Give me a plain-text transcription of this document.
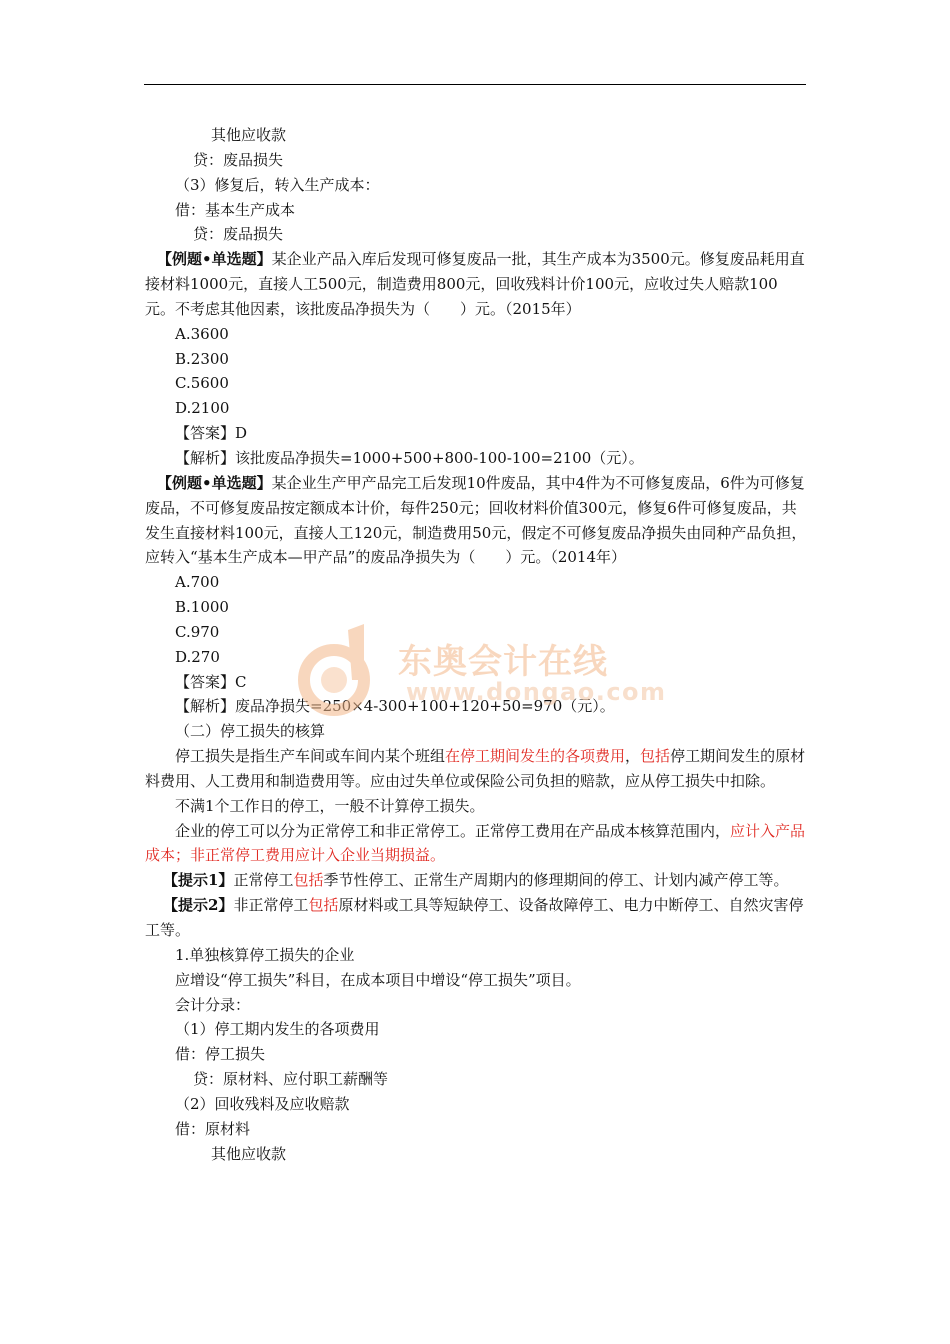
其他应收款
贷：废品损失
（3）修复后，转入生产成本：
借：基本生产成本
贷：废品损失
【例题•单选题】某企业产品入库后发现可修复废品一批，其生产成本为3500元。修复废品耗用直接材料1000元，直接人工500元，制造费用800元，回收残料计价100元，应收过失人赔款100元。不考虑其他因素，该批废品净损失为（　　）元。（2015年）
A.3600
B.2300
C.5600
D.2100
【答案】D
【解析】该批废品净损失=1000+500+800-100-100=2100（元）。
【例题•单选题】某企业生产甲产品完工后发现10件废品，其中4件为不可修复废品，6件为可修复废品，不可修复废品按定额成本计价，每件250元；回收材料价值300元，修复6件可修复废品，共发生直接材料100元，直接人工120元，制造费用50元，假定不可修复废品净损失由同种产品负担，应转入“基本生产成本—甲产品”的废品净损失为（　　）元。（2014年）
A.700
B.1000
C.970
D.270
【答案】C
【解析】废品净损失=250×4-300+100+120+50=970（元）。
（二）停工损失的核算
停工损失是指生产车间或车间内某个班组在停工期间发生的各项费用，包括停工期间发生的原材料费用、人工费用和制造费用等。应由过失单位或保险公司负担的赔款，应从停工损失中扣除。
不满1个工作日的停工，一般不计算停工损失。
企业的停工可以分为正常停工和非正常停工。正常停工费用在产品成本核算范围内，应计入产品成本；非正常停工费用应计入企业当期损益。
【提示1】正常停工包括季节性停工、正常生产周期内的修理期间的停工、计划内减产停工等。
【提示2】非正常停工包括原材料或工具等短缺停工、设备故障停工、电力中断停工、自然灾害停工等。
1.单独核算停工损失的企业
应增设“停工损失”科目，在成本项目中增设“停工损失”项目。
会计分录：
（1）停工期内发生的各项费用
借：停工损失
贷：原材料、应付职工薪酬等
（2）回收残料及应收赔款
借：原材料
其他应收款
东奥会计在线
www.dongao.com
